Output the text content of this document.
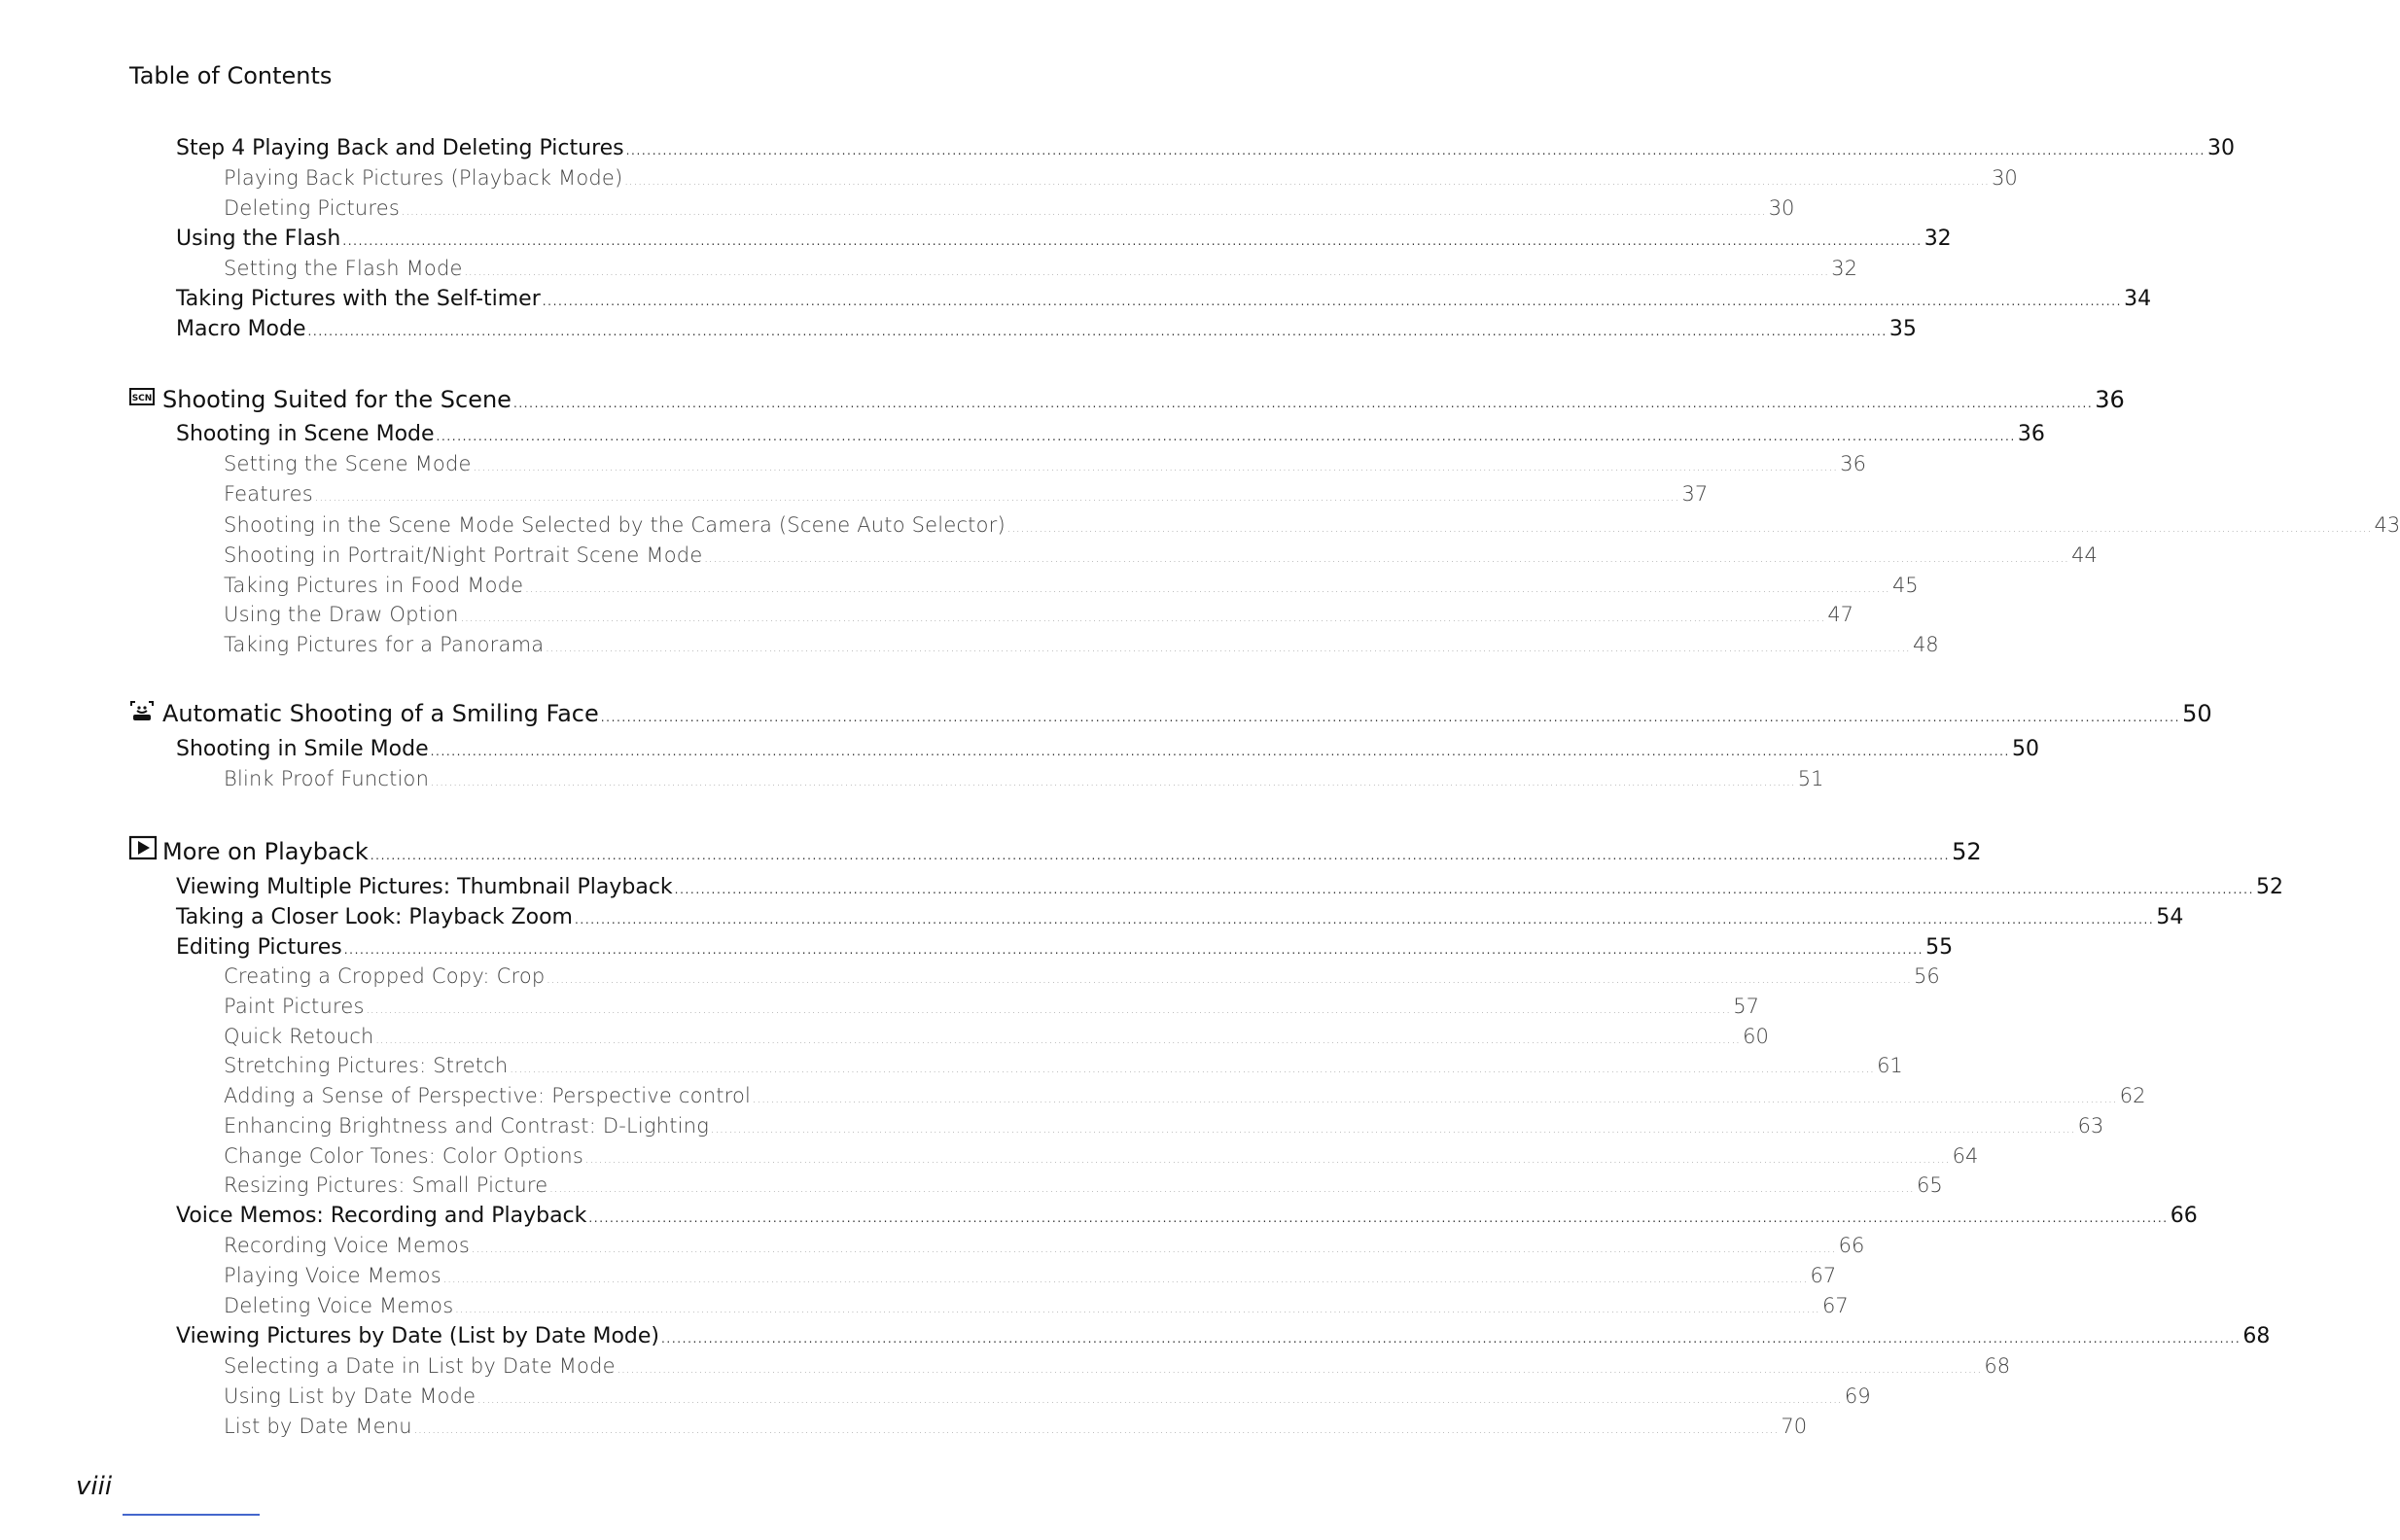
Table of Contents
Step 4 Playing Back and Deleting Pictures ............................................................................................................................................................................................................................................................................................................ 30
Playing Back Pictures (Playback Mode) ............................................................................................................................................................................................................................................................................................................ 30
Deleting Pictures ............................................................................................................................................................................................................................................................................................................ 30
Using the Flash ............................................................................................................................................................................................................................................................................................................ 32
Setting the Flash Mode ............................................................................................................................................................................................................................................................................................................ 32
Taking Pictures with the Self-timer ............................................................................................................................................................................................................................................................................................................ 34
Macro Mode ............................................................................................................................................................................................................................................................................................................ 35
SCN Shooting Suited for the Scene ............................................................................................................................................................................................................................................................................................................ 36
Shooting in Scene Mode ............................................................................................................................................................................................................................................................................................................ 36
Setting the Scene Mode ............................................................................................................................................................................................................................................................................................................ 36
Features ............................................................................................................................................................................................................................................................................................................ 37
Shooting in the Scene Mode Selected by the Camera (Scene Auto Selector) ............................................................................................................................................................................................................................................................................................................ 43
Shooting in Portrait/Night Portrait Scene Mode ............................................................................................................................................................................................................................................................................................................ 44
Taking Pictures in Food Mode ............................................................................................................................................................................................................................................................................................................ 45
Using the Draw Option ............................................................................................................................................................................................................................................................................................................ 47
Taking Pictures for a Panorama ............................................................................................................................................................................................................................................................................................................ 48
Automatic Shooting of a Smiling Face ............................................................................................................................................................................................................................................................................................................ 50
Shooting in Smile Mode ............................................................................................................................................................................................................................................................................................................ 50
Blink Proof Function ............................................................................................................................................................................................................................................................................................................ 51
More on Playback ............................................................................................................................................................................................................................................................................................................ 52
Viewing Multiple Pictures: Thumbnail Playback ............................................................................................................................................................................................................................................................................................................ 52
Taking a Closer Look: Playback Zoom ............................................................................................................................................................................................................................................................................................................ 54
Editing Pictures ............................................................................................................................................................................................................................................................................................................ 55
Creating a Cropped Copy: Crop ............................................................................................................................................................................................................................................................................................................ 56
Paint Pictures ............................................................................................................................................................................................................................................................................................................ 57
Quick Retouch ............................................................................................................................................................................................................................................................................................................ 60
Stretching Pictures: Stretch ............................................................................................................................................................................................................................................................................................................ 61
Adding a Sense of Perspective: Perspective control ............................................................................................................................................................................................................................................................................................................ 62
Enhancing Brightness and Contrast: D-Lighting ............................................................................................................................................................................................................................................................................................................ 63
Change Color Tones: Color Options ............................................................................................................................................................................................................................................................................................................ 64
Resizing Pictures: Small Picture ............................................................................................................................................................................................................................................................................................................ 65
Voice Memos: Recording and Playback ............................................................................................................................................................................................................................................................................................................ 66
Recording Voice Memos ............................................................................................................................................................................................................................................................................................................ 66
Playing Voice Memos ............................................................................................................................................................................................................................................................................................................ 67
Deleting Voice Memos ............................................................................................................................................................................................................................................................................................................ 67
Viewing Pictures by Date (List by Date Mode) ............................................................................................................................................................................................................................................................................................................ 68
Selecting a Date in List by Date Mode ............................................................................................................................................................................................................................................................................................................ 68
Using List by Date Mode ............................................................................................................................................................................................................................................................................................................ 69
List by Date Menu ............................................................................................................................................................................................................................................................................................................ 70
viii
